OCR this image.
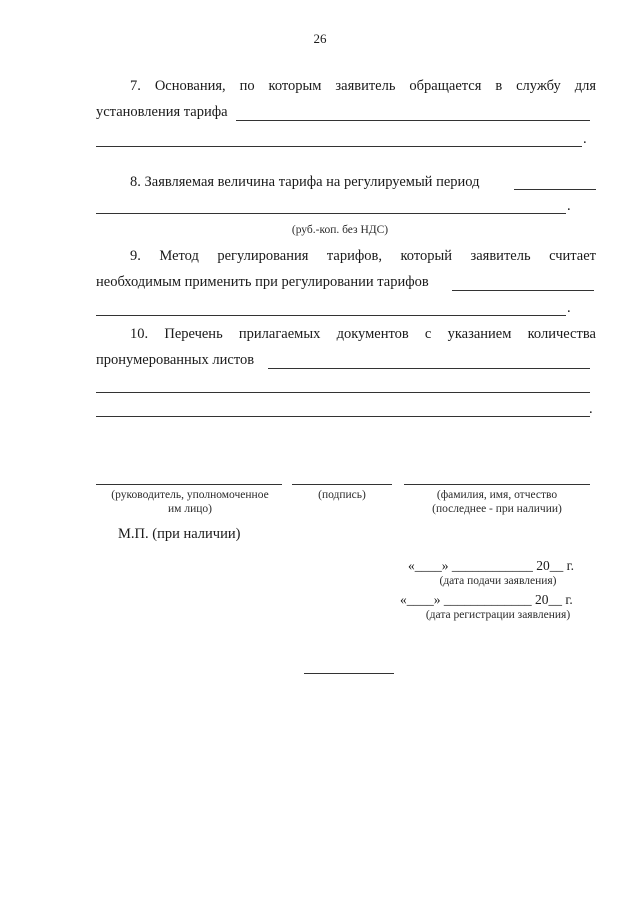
26
7. Основания, по которым заявитель обращается в службу для
установления тарифа
.
8. Заявляемая величина тарифа на регулируемый период
.
(руб.-коп. без НДС)
9. Метод регулирования тарифов, который заявитель считает
необходимым применить при регулировании тарифов
.
10. Перечень прилагаемых документов с указанием количества
пронумерованных листов
.
(руководитель, уполномоченное
им лицо)
(подпись)	(фамилия, имя, отчество
(последнее - при наличии)
М.П. (при наличии)
«____» ____________ 20__ г.
(дата подачи заявления)
«____» _____________ 20__ г.
(дата регистрации заявления)
